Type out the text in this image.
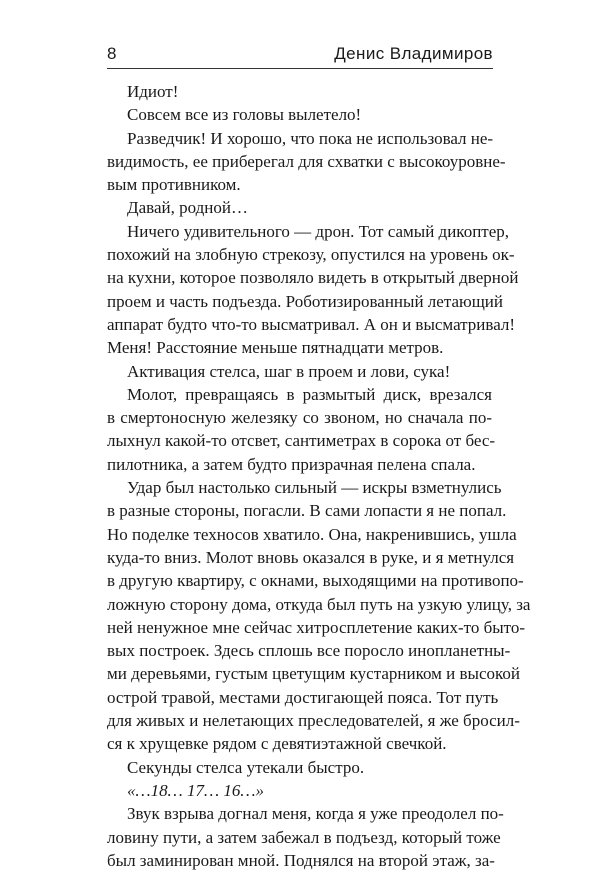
8	Денис Владимиров
Идиот!
Совсем все из головы вылетело!
Разведчик! И хорошо, что пока не использовал не-
видимость, ее приберегал для схватки с высокоуровне-
вым противником.
Давай, родной…
Ничего удивительного — дрон. Тот самый дикоптер,
похожий на злобную стрекозу, опустился на уровень ок-
на кухни, которое позволяло видеть в открытый дверной
проем и часть подъезда. Роботизированный летающий
аппарат будто что-то высматривал. А он и высматривал!
Меня! Расстояние меньше пятнадцати метров.
Активация стелса, шаг в проем и лови, сука!
Молот, превращаясь в размытый диск, врезался
в смертоносную железяку со звоном, но сначала по-
лыхнул какой-то отсвет, сантиметрах в сорока от бес-
пилотника, а затем будто призрачная пелена спала.
Удар был настолько сильный — искры взметнулись
в разные стороны, погасли. В сами лопасти я не попал.
Но поделке техносов хватило. Она, накренившись, ушла
куда-то вниз. Молот вновь оказался в руке, и я метнулся
в другую квартиру, с окнами, выходящими на противопо-
ложную сторону дома, откуда был путь на узкую улицу, за
ней ненужное мне сейчас хитросплетение каких-то быто-
вых построек. Здесь сплошь все поросло инопланетны-
ми деревьями, густым цветущим кустарником и высокой
острой травой, местами достигающей пояса. Тот путь
для живых и нелетающих преследователей, я же бросил-
ся к хрущевке рядом с девятиэтажной свечкой.
Секунды стелса утекали быстро.
«…18… 17… 16…»
Звук взрыва догнал меня, когда я уже преодолел по-
ловину пути, а затем забежал в подъезд, который тоже
был заминирован мной. Поднялся на второй этаж, за-
